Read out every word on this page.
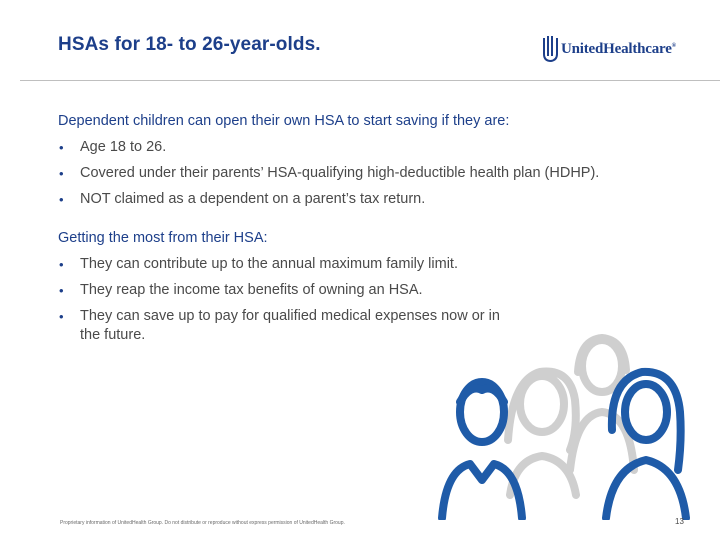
HSAs for 18- to 26-year-olds.	UnitedHealthcare®
Dependent children can open their own HSA to start saving if they are:
• Age 18 to 26.
• Covered under their parents’ HSA-qualifying high-deductible health plan (HDHP).
• NOT claimed as a dependent on a parent’s tax return.
Getting the most from their HSA:
• They can contribute up to the annual maximum family limit.
• They reap the income tax benefits of owning an HSA.
• They can save up to pay for qualified medical expenses now or in the future.
Proprietary information of UnitedHealth Group. Do not distribute or reproduce without express permission of UnitedHealth Group.	13
